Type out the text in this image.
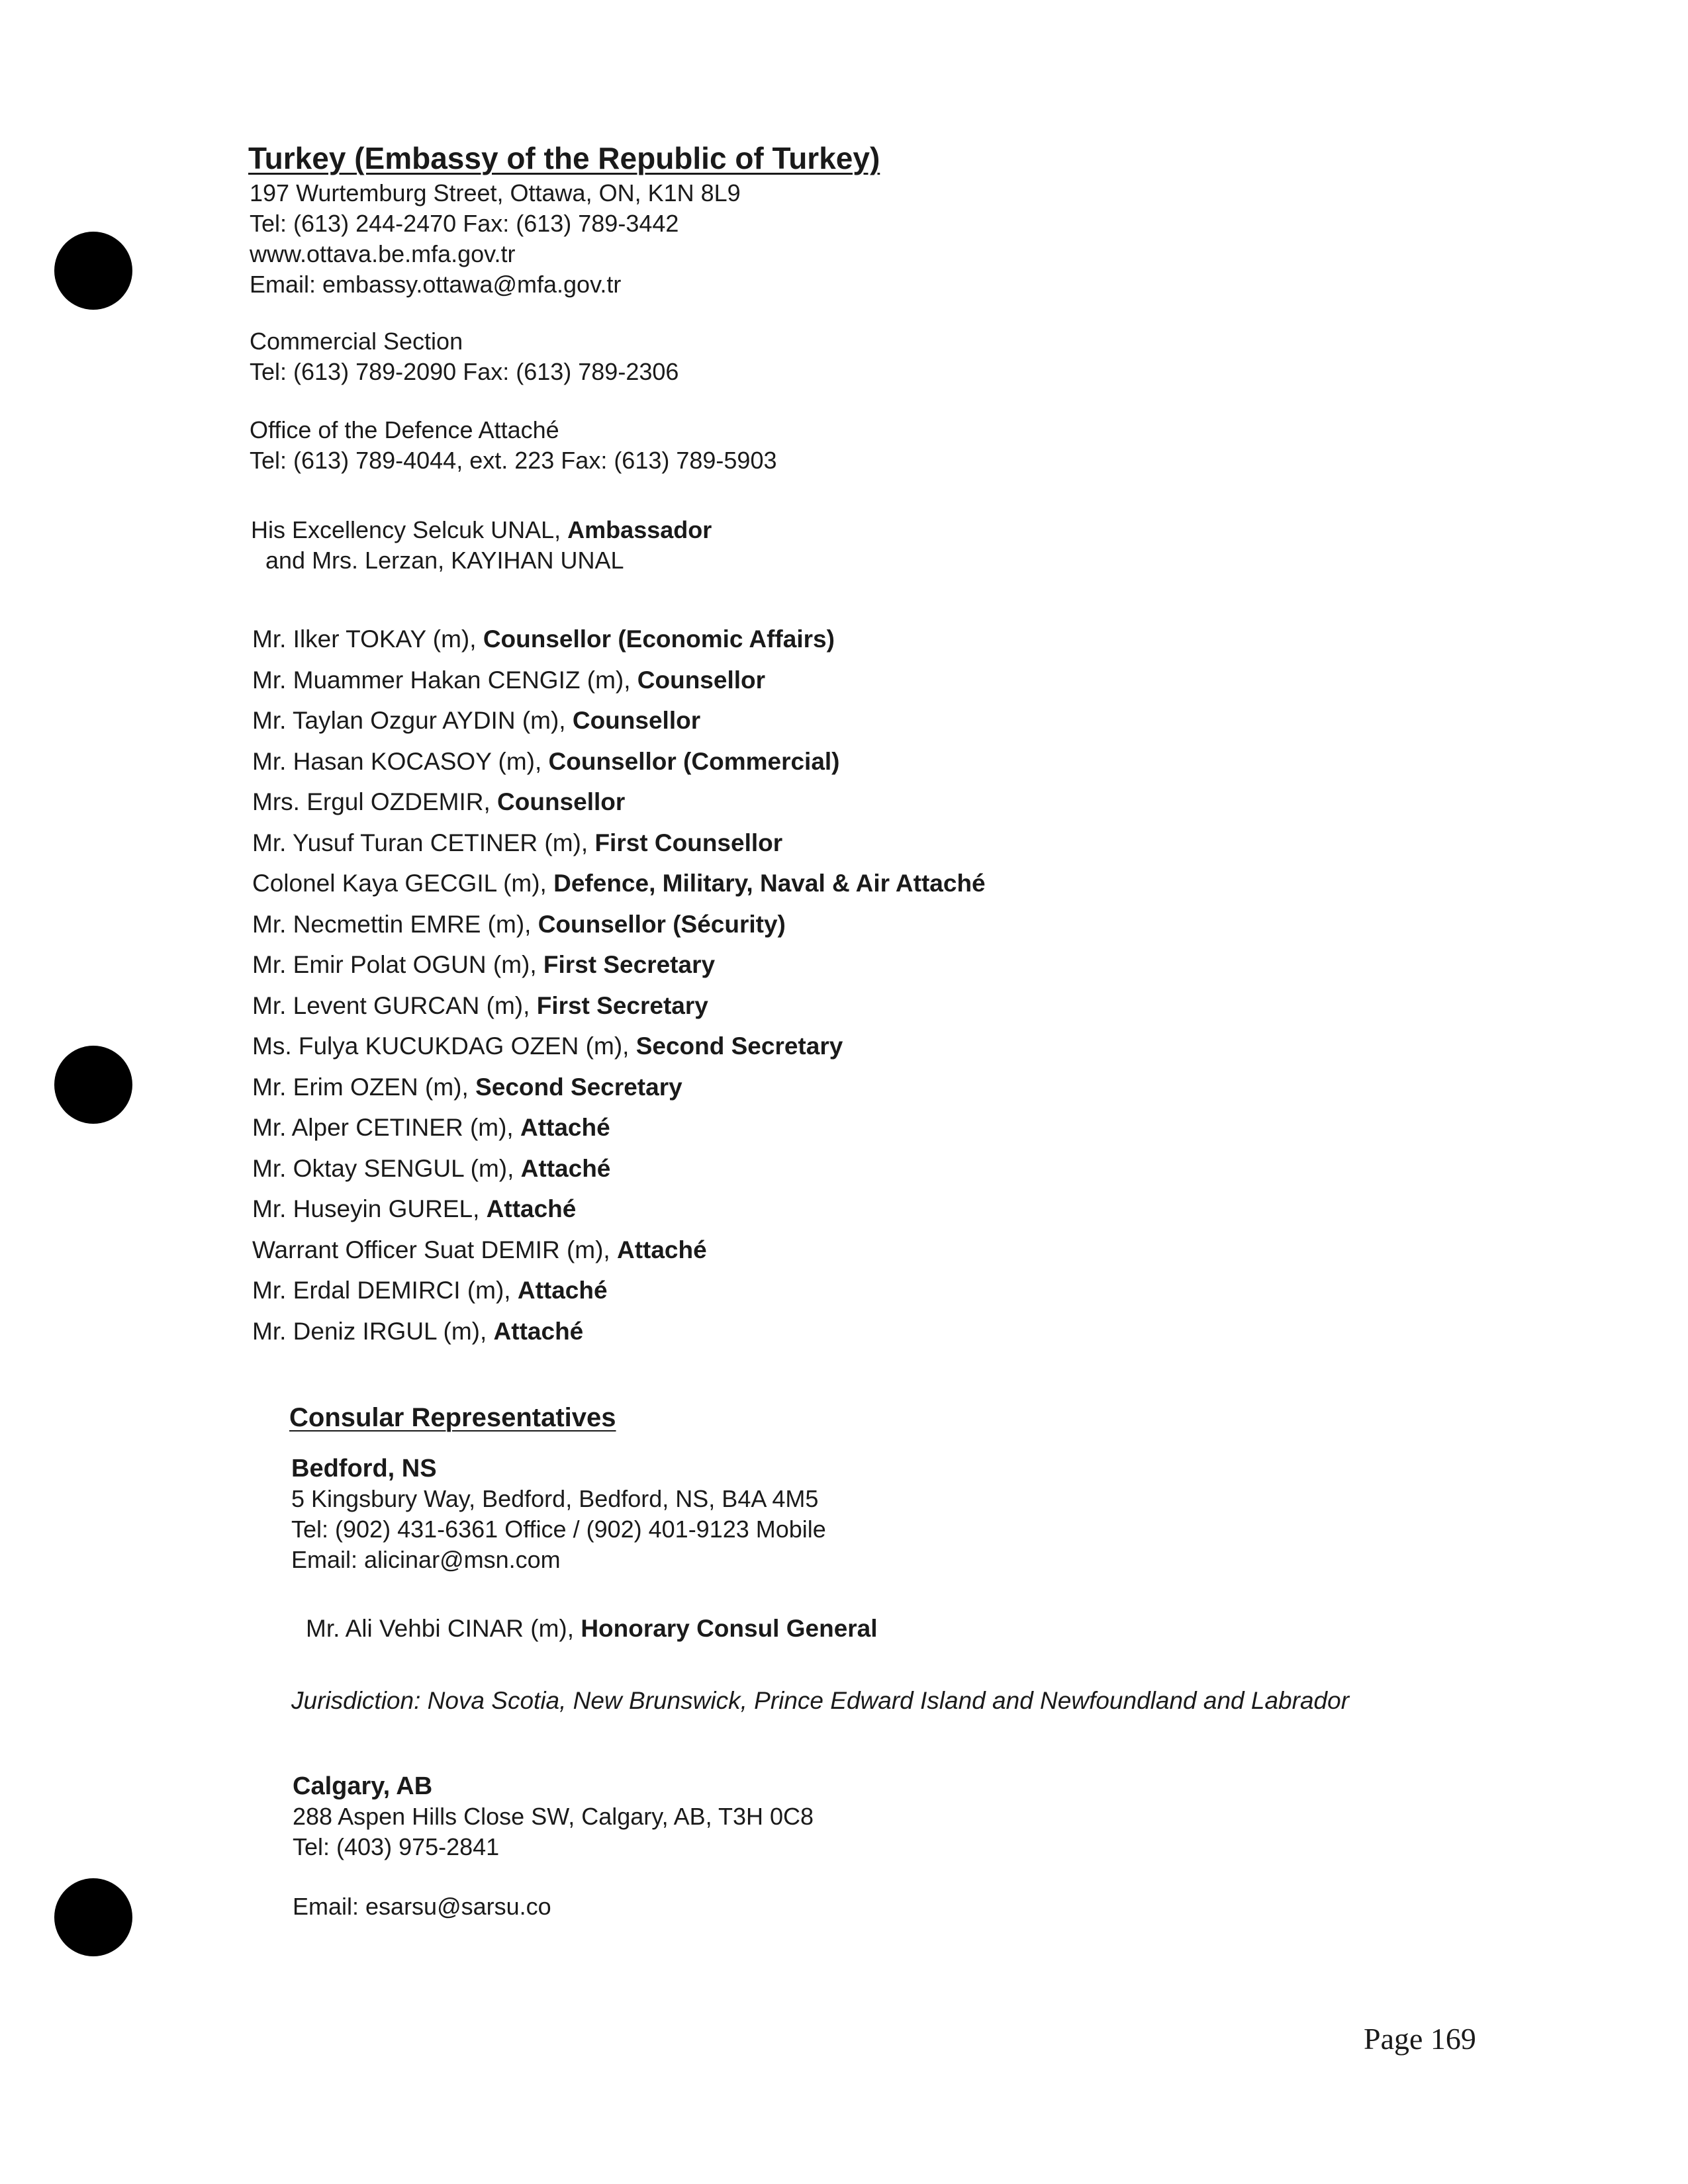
Turkey (Embassy of the Republic of Turkey)
197 Wurtemburg Street, Ottawa, ON, K1N 8L9
Tel: (613) 244-2470 Fax: (613) 789-3442
www.ottava.be.mfa.gov.tr
Email: embassy.ottawa@mfa.gov.tr
Commercial Section
Tel: (613) 789-2090 Fax: (613) 789-2306
Office of the Defence Attaché
Tel: (613) 789-4044, ext. 223 Fax: (613) 789-5903
His Excellency Selcuk UNAL, Ambassador
and Mrs. Lerzan, KAYIHAN UNAL
Mr. Ilker TOKAY (m), Counsellor (Economic Affairs)
Mr. Muammer Hakan CENGIZ (m), Counsellor
Mr. Taylan Ozgur AYDIN (m), Counsellor
Mr. Hasan KOCASOY (m), Counsellor (Commercial)
Mrs. Ergul OZDEMIR, Counsellor
Mr. Yusuf Turan CETINER (m), First Counsellor
Colonel Kaya GECGIL (m), Defence, Military, Naval & Air Attaché
Mr. Necmettin EMRE (m), Counsellor (Sécurity)
Mr. Emir Polat OGUN (m), First Secretary
Mr. Levent GURCAN (m), First Secretary
Ms. Fulya KUCUKDAG OZEN (m), Second Secretary
Mr. Erim OZEN (m), Second Secretary
Mr. Alper CETINER (m), Attaché
Mr. Oktay SENGUL (m), Attaché
Mr. Huseyin GUREL, Attaché
Warrant Officer Suat DEMIR (m), Attaché
Mr. Erdal DEMIRCI (m), Attaché
Mr. Deniz IRGUL (m), Attaché
Consular Representatives
Bedford, NS
5 Kingsbury Way, Bedford, Bedford, NS, B4A 4M5
Tel: (902) 431-6361 Office / (902) 401-9123 Mobile
Email: alicinar@msn.com
Mr. Ali Vehbi CINAR (m), Honorary Consul General
Jurisdiction: Nova Scotia, New Brunswick, Prince Edward Island and Newfoundland and Labrador
Calgary, AB
288 Aspen Hills Close SW, Calgary, AB, T3H 0C8
Tel: (403) 975-2841
Email: esarsu@sarsu.co
Page 169
